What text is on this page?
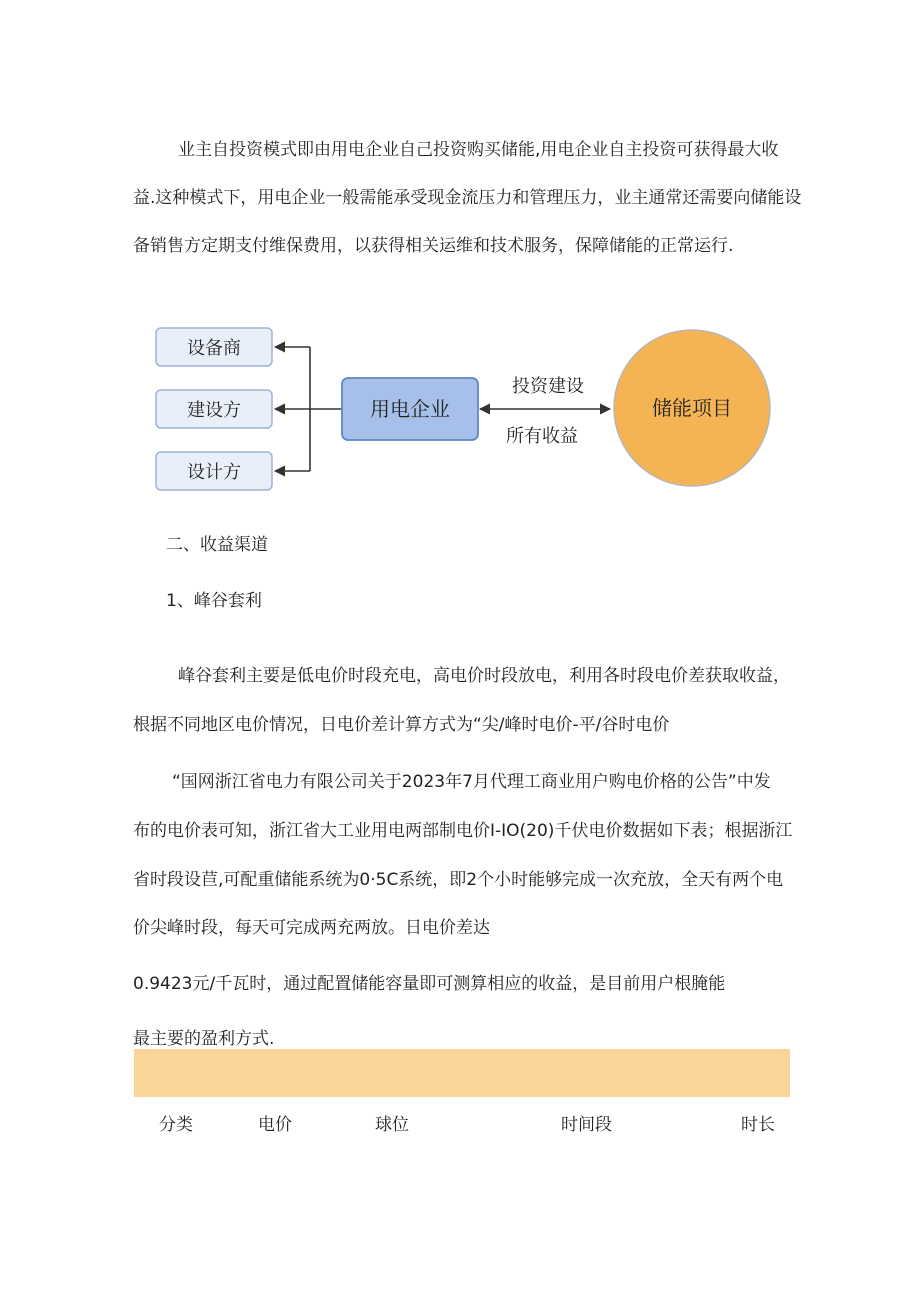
业主自投资模式即由用电企业自己投资购买储能,用电企业自主投资可获得最大收
益.这种模式下，用电企业一般需能承受现金流压力和管理压力，业主通常还需要向储能设
备销售方定期支付维保费用，以获得相关运维和技术服务，保障储能的正常运行.
设备商
建设方
设计方
用电企业
投资建设
所有收益
储能项目
二、收益渠道
1、峰谷套利
峰谷套利主要是低电价时段充电，高电价时段放电，利用各时段电价差获取收益，
根据不同地区电价情况，日电价差计算方式为“尖/峰时电价-平/谷时电价
“国网浙江省电力有限公司关于2023年7月代理工商业用户购电价格的公告”中发
布的电价表可知，浙江省大工业用电两部制电价I-IO(20)千伏电价数据如下表；根据浙江
省时段设苣,可配重储能系统为0·5C系统，即2个小时能够完成一次充放，全天有两个电
价尖峰时段，每天可完成两充两放。日电价差达
0.9423元/千瓦时，通过配置储能容量即可测算相应的收益，是目前用户根腌能
最主要的盈利方式.
分类	电价	球位	时间段	时长
